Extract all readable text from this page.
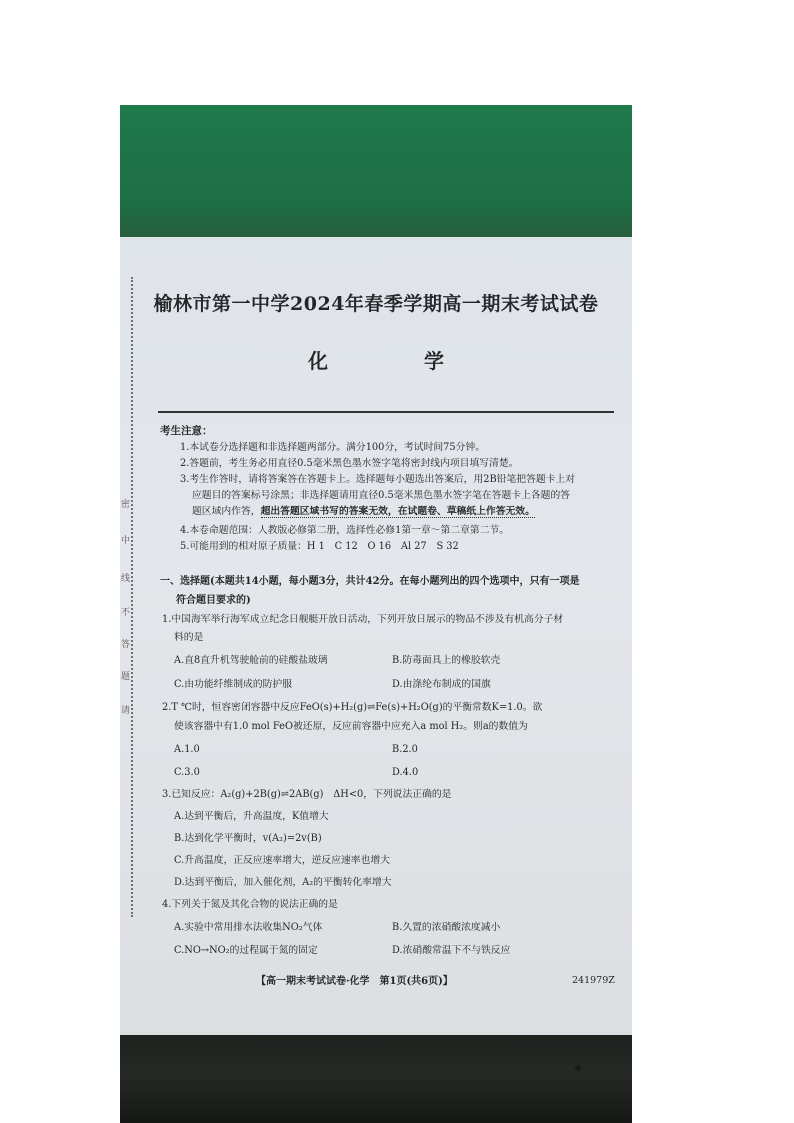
密
中
线
不
答
题
请
榆林市第一中学2024年春季学期高一期末考试试卷
化　学
考生注意：
1.本试卷分选择题和非选择题两部分。满分100分，考试时间75分钟。
2.答题前，考生务必用直径0.5毫米黑色墨水签字笔将密封线内项目填写清楚。
3.考生作答时，请将答案答在答题卡上。选择题每小题选出答案后，用2B铅笔把答题卡上对
应题目的答案标号涂黑；非选择题请用直径0.5毫米黑色墨水签字笔在答题卡上各题的答
题区域内作答，超出答题区域书写的答案无效，在试题卷、草稿纸上作答无效。
4.本卷命题范围：人教版必修第二册，选择性必修1第一章～第二章第二节。
5.可能用到的相对原子质量：H 1　C 12　O 16　Al 27　S 32
一、选择题(本题共14小题，每小题3分，共计42分。在每小题列出的四个选项中，只有一项是
符合题目要求的)
1.中国海军举行海军成立纪念日舰艇开放日活动，下列开放日展示的物品不涉及有机高分子材
料的是
A.直8直升机驾驶舱前的硅酸盐玻璃	B.防毒面具上的橡胶软壳
C.由功能纤维制成的防护服	D.由涤纶布制成的国旗
2.T ℃时，恒容密闭容器中反应FeO(s)+H₂(g)⇌Fe(s)+H₂O(g)的平衡常数K=1.0。欲
使该容器中有1.0 mol FeO被还原，反应前容器中应充入a mol H₂。则a的数值为
A.1.0	B.2.0
C.3.0	D.4.0
3.已知反应：A₂(g)+2B(g)⇌2AB(g)　ΔH<0，下列说法正确的是
A.达到平衡后，升高温度，K值增大
B.达到化学平衡时，v(A₂)=2v(B)
C.升高温度，正反应速率增大，逆反应速率也增大
D.达到平衡后，加入催化剂，A₂的平衡转化率增大
4.下列关于氮及其化合物的说法正确的是
A.实验中常用排水法收集NO₂气体	B.久置的浓硝酸浓度减小
C.NO→NO₂的过程属于氮的固定	D.浓硝酸常温下不与铁反应
【高一期末考试试卷·化学　第1页(共6页)】	241979Z
